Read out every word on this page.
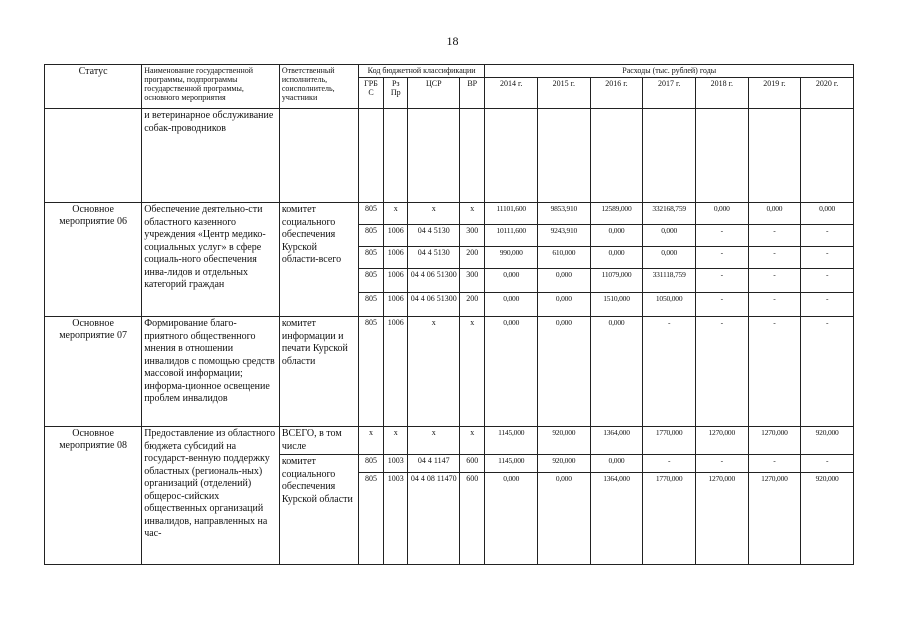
18
Статус	Наименование государственной программы, подпрограммы государственной программы, основного мероприятия	Ответственный исполнитель, соисполнитель, участники	Код бюджетной классификации				Расходы (тыс. рублей) годы						
			ГРБ С	Рз Пр	ЦСР	ВР	2014 г.	2015 г.	2016 г.	2017 г.	2018 г.	2019 г.	2020 г.
	и ветеринарное обслуживание собак-проводников												
Основное мероприятие 06	Обеспечение деятельно-сти областного казенного учреждения «Центр медико-социальных услуг» в сфере социаль-ного обеспечения инва-лидов и отдельных категорий граждан	комитет социального обеспечения Курской области-всего	805	х	х	х	11101,600	9853,910	12589,000	332168,759	0,000	0,000	0,000
			805	1006	04 4 5130	300	10111,600	9243,910	0,000	0,000	-	-	-
			805	1006	04 4 5130	200	990,000	610,000	0,000	0,000	-	-	-
			805	1006	04 4 06 51300	300	0,000	0,000	11079,000	331118,759	-	-	-
			805	1006	04 4 06 51300	200	0,000	0,000	1510,000	1050,000	-	-	-
Основное мероприятие 07	Формирование благо-приятного общественного мнения в отношении инвалидов с помощью средств массовой информации; информа-ционное освещение проблем инвалидов	комитет информации и печати Курской области	805	1006	х	х	0,000	0,000	0,000	-	-	-	-
Основное мероприятие 08	Предоставление из областного бюджета субсидий на государст-венную поддержку областных (региональ-ных) организаций (отделений) общерос-сийских общественных организаций инвалидов, направленных на час-	ВСЕГО, в том числе	х	х	х	х	1145,000	920,000	1364,000	1770,000	1270,000	1270,000	920,000
		комитет социального обеспечения Курской области	805	1003	04 4 1147	600	1145,000	920,000	0,000	-	-	-	-
			805	1003	04 4 08 11470	600	0,000	0,000	1364,000	1770,000	1270,000	1270,000	920,000
